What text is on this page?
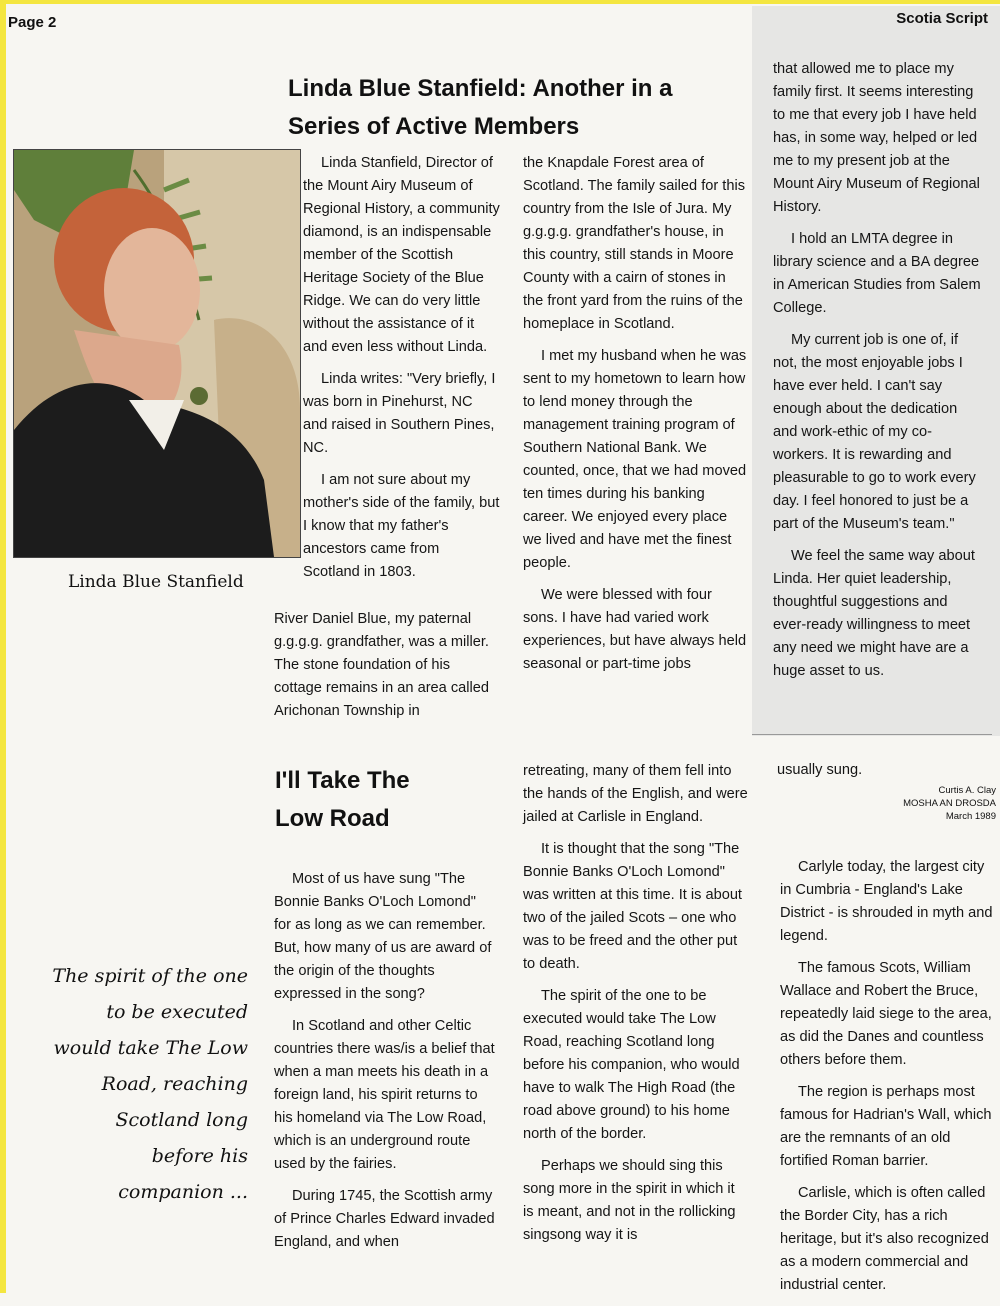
Page 2	Scotia Script
Linda Blue Stanfield: Another in a
Series of Active Members
Linda Blue Stanfield

Linda Stanfield, Director of the Mount Airy Museum of Regional History, a community diamond, is an indispensable member of the Scottish Heritage Society of the Blue Ridge. We can do very little without the assistance of it and even less without Linda.

Linda writes: "Very briefly, I was born in Pinehurst, NC and raised in Southern Pines, NC.

I am not sure about my mother's side of the family, but I know that my father's ancestors came from Scotland in 1803.

River Daniel Blue, my paternal g.g.g.g. grandfather, was a miller. The stone foundation of his cottage remains in an area called Arichonan Township in

the Knapdale Forest area of Scotland. The family sailed for this country from the Isle of Jura. My g.g.g.g. grandfather's house, in this country, still stands in Moore County with a cairn of stones in the front yard from the ruins of the homeplace in Scotland.

I met my husband when he was sent to my hometown to learn how to lend money through the management training program of Southern National Bank. We counted, once, that we had moved ten times during his banking career. We enjoyed every place we lived and have met the finest people.

We were blessed with four sons. I have had varied work experiences, but have always held seasonal or part-time jobs

that allowed me to place my family first. It seems interesting to me that every job I have held has, in some way, helped or led me to my present job at the Mount Airy Museum of Regional History.

I hold an LMTA degree in library science and a BA degree in American Studies from Salem College.

My current job is one of, if not, the most enjoyable jobs I have ever held. I can't say enough about the dedication and work-ethic of my co-workers. It is rewarding and pleasurable to go to work every day. I feel honored to just be a part of the Museum's team."

We feel the same way about Linda. Her quiet leadership, thoughtful suggestions and ever-ready willingness to meet any need we might have are a huge asset to us.

I'll Take The
Low Road
The spirit of the one to be executed would take The Low Road, reaching Scotland long before his companion ...

Most of us have sung "The Bonnie Banks O'Loch Lomond" for as long as we can remember. But, how many of us are award of the origin of the thoughts expressed in the song?

In Scotland and other Celtic countries there was/is a belief that when a man meets his death in a foreign land, his spirit returns to his homeland via The Low Road, which is an underground route used by the fairies.

During 1745, the Scottish army of Prince Charles Edward invaded England, and when

retreating, many of them fell into the hands of the English, and were jailed at Carlisle in England.

It is thought that the song "The Bonnie Banks O'Loch Lomond" was written at this time. It is about two of the jailed Scots – one who was to be freed and the other put to death.

The spirit of the one to be executed would take The Low Road, reaching Scotland long before his companion, who would have to walk The High Road (the road above ground) to his home north of the border.

Perhaps we should sing this song more in the spirit in which it is meant, and not in the rollicking singsong way it is

usually sung.

Curtis A. Clay
MOSHA AN DROSDA
March 1989

Carlyle today, the largest city in Cumbria - England's Lake District - is shrouded in myth and legend.

The famous Scots, William Wallace and Robert the Bruce, repeatedly laid siege to the area, as did the Danes and countless others before them.

The region is perhaps most famous for Hadrian's Wall, which are the remnants of an old fortified Roman barrier.

Carlisle, which is often called the Border City, has a rich heritage, but it's also recognized as a modern commercial and industrial center.
